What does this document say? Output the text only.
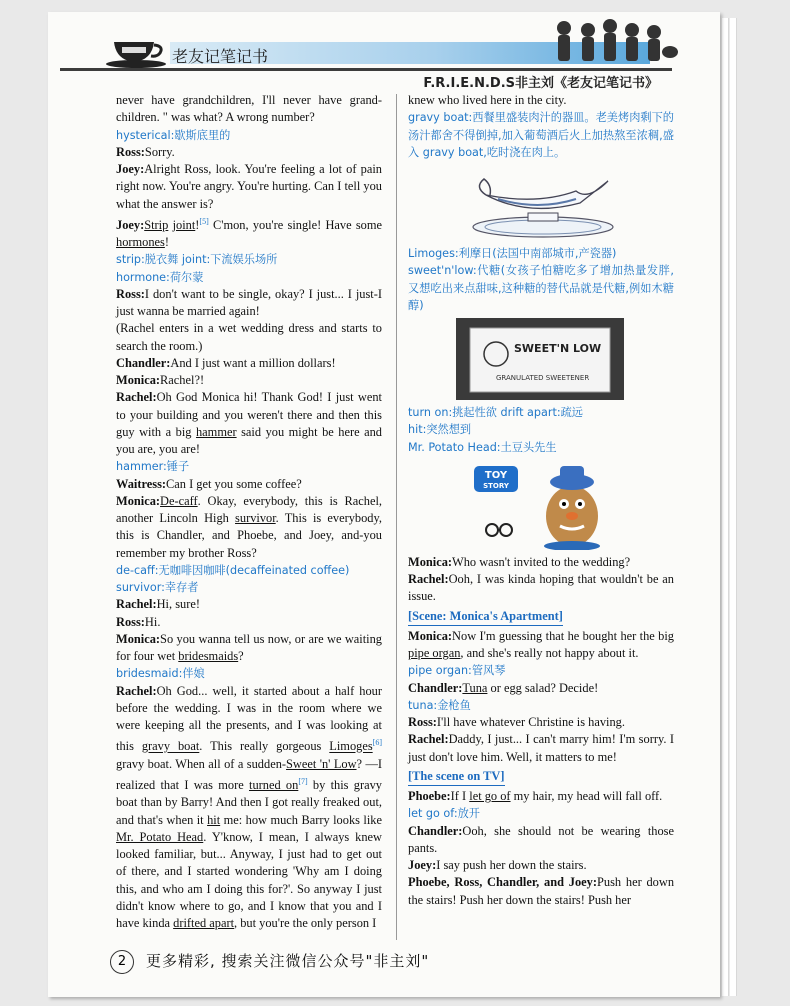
老友记笔记书
F.R.I.E.N.D.S非主刘《老友记笔记书》

never have grandchildren, I'll never have grand-children. " was what? A wrong number?

hysterical:歇斯底里的

Ross:Sorry.

Joey:Alright Ross, look. You're feeling a lot of pain right now. You're angry. You're hurting. Can I tell you what the answer is?

Joey:Strip joint![5] C'mon, you're single! Have some hormones!

strip:脱衣舞 joint:下流娱乐场所

hormone:荷尔蒙

Ross:I don't want to be single, okay? I just... I just-I just wanna be married again!

(Rachel enters in a wet wedding dress and starts to search the room.)

Chandler:And I just want a million dollars!

Monica:Rachel?!

Rachel:Oh God Monica hi! Thank God! I just went to your building and you weren't there and then this guy with a big hammer said you might be here and you are, you are!

hammer:锤子

Waitress:Can I get you some coffee?

Monica:De-caff. Okay, everybody, this is Rachel, another Lincoln High survivor. This is everybody, this is Chandler, and Phoebe, and Joey, and-you remember my brother Ross?

de-caff:无咖啡因咖啡(decaffeinated coffee)

survivor:幸存者

Rachel:Hi, sure!

Ross:Hi.

Monica:So you wanna tell us now, or are we waiting for four wet bridesmaids?

bridesmaid:伴娘

Rachel:Oh God... well, it started about a half hour before the wedding. I was in the room where we were keeping all the presents, and I was looking at this gravy boat. This really gorgeous Limoges[6] gravy boat. When all of a sudden-Sweet 'n' Low? —I realized that I was more turned on[7] by this gravy boat than by Barry! And then I got really freaked out, and that's when it hit me: how much Barry looks like Mr. Potato Head. Y'know, I mean, I always knew looked familiar, but... Anyway, I just had to get out of there, and I started wondering 'Why am I doing this, and who am I doing this for?'. So anyway I just didn't know where to go, and I know that you and I have kinda drifted apart, but you're the only person I

knew who lived here in the city.

gravy boat:西餐里盛装肉汁的器皿。老美烤肉剩下的汤汁都舍不得倒掉,加入葡萄酒后火上加热熬至浓稠,盛入 gravy boat,吃时浇在肉上。

Limoges:利摩日(法国中南部城市,产瓷器)

sweet'n'low:代糖(女孩子怕糖吃多了增加热量发胖,又想吃出来点甜味,这种糖的替代品就是代糖,例如木糖醇)

SWEET'N LOW
GRANULATED SWEETENER

turn on:挑起性欲 drift apart:疏远

hit:突然想到

Mr. Potato Head:土豆头先生

TOY
STORY

Monica:Who wasn't invited to the wedding?

Rachel:Ooh, I was kinda hoping that wouldn't be an issue.

[Scene: Monica's Apartment]

Monica:Now I'm guessing that he bought her the big pipe organ, and she's really not happy about it.

pipe organ:管风琴

Chandler:Tuna or egg salad? Decide!

tuna:金枪鱼

Ross:I'll have whatever Christine is having.

Rachel:Daddy, I just... I can't marry him! I'm sorry. I just don't love him. Well, it matters to me!

[The scene on TV]

Phoebe:If I let go of my hair, my head will fall off.

let go of:放开

Chandler:Ooh, she should not be wearing those pants.

Joey:I say push her down the stairs.

Phoebe, Ross, Chandler, and Joey:Push her down the stairs! Push her down the stairs! Push her

2	更多精彩, 搜索关注微信公众号"非主刘"
